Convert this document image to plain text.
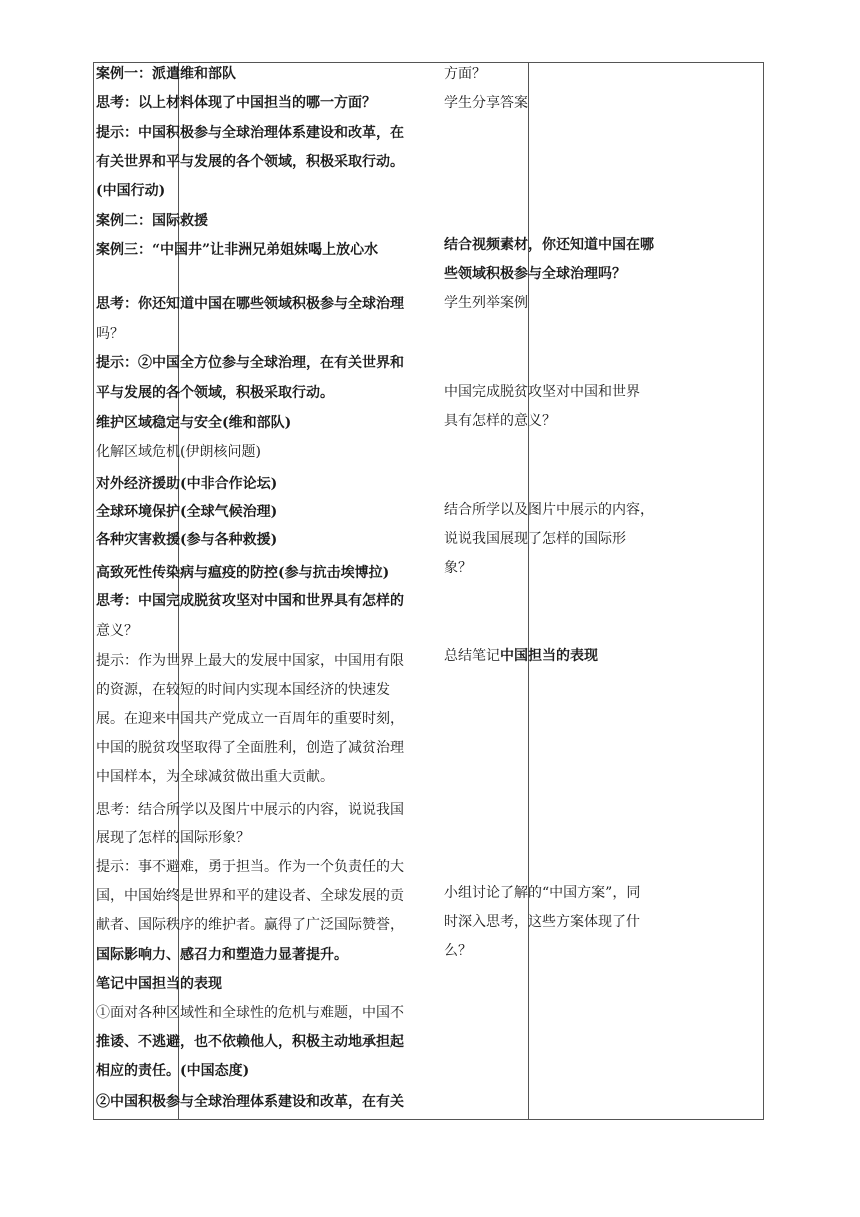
案例一：派遣维和部队
思考：以上材料体现了中国担当的哪一方面？
提示：中国积极参与全球治理体系建设和改革，在
有关世界和平与发展的各个领域，积极采取行动。
(中国行动)
案例二：国际救援
案例三：“中国井”让非洲兄弟姐妹喝上放心水
思考：你还知道中国在哪些领域积极参与全球治理
吗？
提示：②中国全方位参与全球治理，在有关世界和
平与发展的各个领域，积极采取行动。
维护区域稳定与安全(维和部队)
化解区域危机(伊朗核问题)
对外经济援助(中非合作论坛)
全球环境保护(全球气候治理)
各种灾害救援(参与各种救援)
高致死性传染病与瘟疫的防控(参与抗击埃博拉)
思考：中国完成脱贫攻坚对中国和世界具有怎样的
意义？
提示：作为世界上最大的发展中国家，中国用有限
的资源，在较短的时间内实现本国经济的快速发
展。在迎来中国共产党成立一百周年的重要时刻，
中国的脱贫攻坚取得了全面胜利，创造了减贫治理
中国样本，为全球减贫做出重大贡献。
思考：结合所学以及图片中展示的内容，说说我国
展现了怎样的国际形象？
提示：事不避难，勇于担当。作为一个负责任的大
国，中国始终是世界和平的建设者、全球发展的贡
献者、国际秩序的维护者。赢得了广泛国际赞誉，
国际影响力、感召力和塑造力显著提升。
笔记中国担当的表现
①面对各种区域性和全球性的危机与难题，中国不
推诿、不逃避，也不依赖他人，积极主动地承担起
相应的责任。(中国态度)
②中国积极参与全球治理体系建设和改革，在有关
方面？
学生分享答案
结合视频素材，你还知道中国在哪
些领域积极参与全球治理吗？
学生列举案例
中国完成脱贫攻坚对中国和世界
具有怎样的意义？
结合所学以及图片中展示的内容，
说说我国展现了怎样的国际形
象？
总结笔记中国担当的表现
小组讨论了解的“中国方案”，同
时深入思考，这些方案体现了什
么？
